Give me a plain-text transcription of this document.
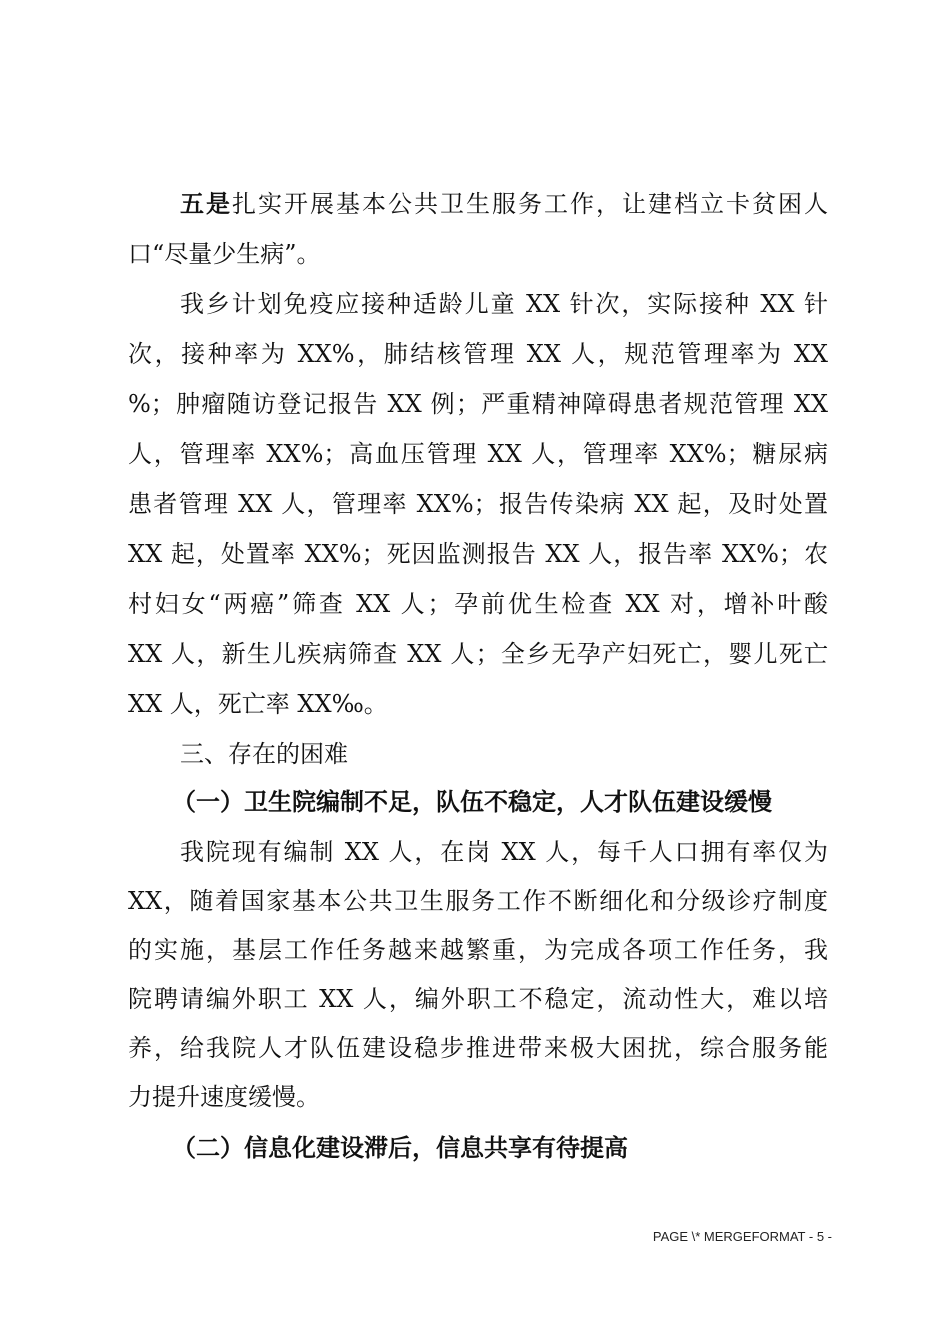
五是扎实开展基本公共卫生服务工作，让建档立卡贫困人
口“尽量少生病”。
我乡计划免疫应接种适龄儿童 XX 针次，实际接种 XX 针
次，接种率为 XX%，肺结核管理 XX 人，规范管理率为 XX
%；肿瘤随访登记报告 XX 例；严重精神障碍患者规范管理 XX
人，管理率 XX%；高血压管理 XX 人，管理率 XX%；糖尿病
患者管理 XX 人，管理率 XX%；报告传染病 XX 起，及时处置
XX 起，处置率 XX%；死因监测报告 XX 人，报告率 XX%；农
村妇女“两癌”筛查 XX 人；孕前优生检查 XX 对，增补叶酸
XX 人，新生儿疾病筛查 XX 人；全乡无孕产妇死亡，婴儿死亡
XX 人，死亡率 XX‰。
三、存在的困难
（一）卫生院编制不足，队伍不稳定，人才队伍建设缓慢
我院现有编制 XX 人，在岗 XX 人，每千人口拥有率仅为
XX，随着国家基本公共卫生服务工作不断细化和分级诊疗制度
的实施，基层工作任务越来越繁重，为完成各项工作任务，我
院聘请编外职工 XX 人，编外职工不稳定，流动性大，难以培
养，给我院人才队伍建设稳步推进带来极大困扰，综合服务能
力提升速度缓慢。
（二）信息化建设滞后，信息共享有待提高
PAGE \* MERGEFORMAT - 5 -
